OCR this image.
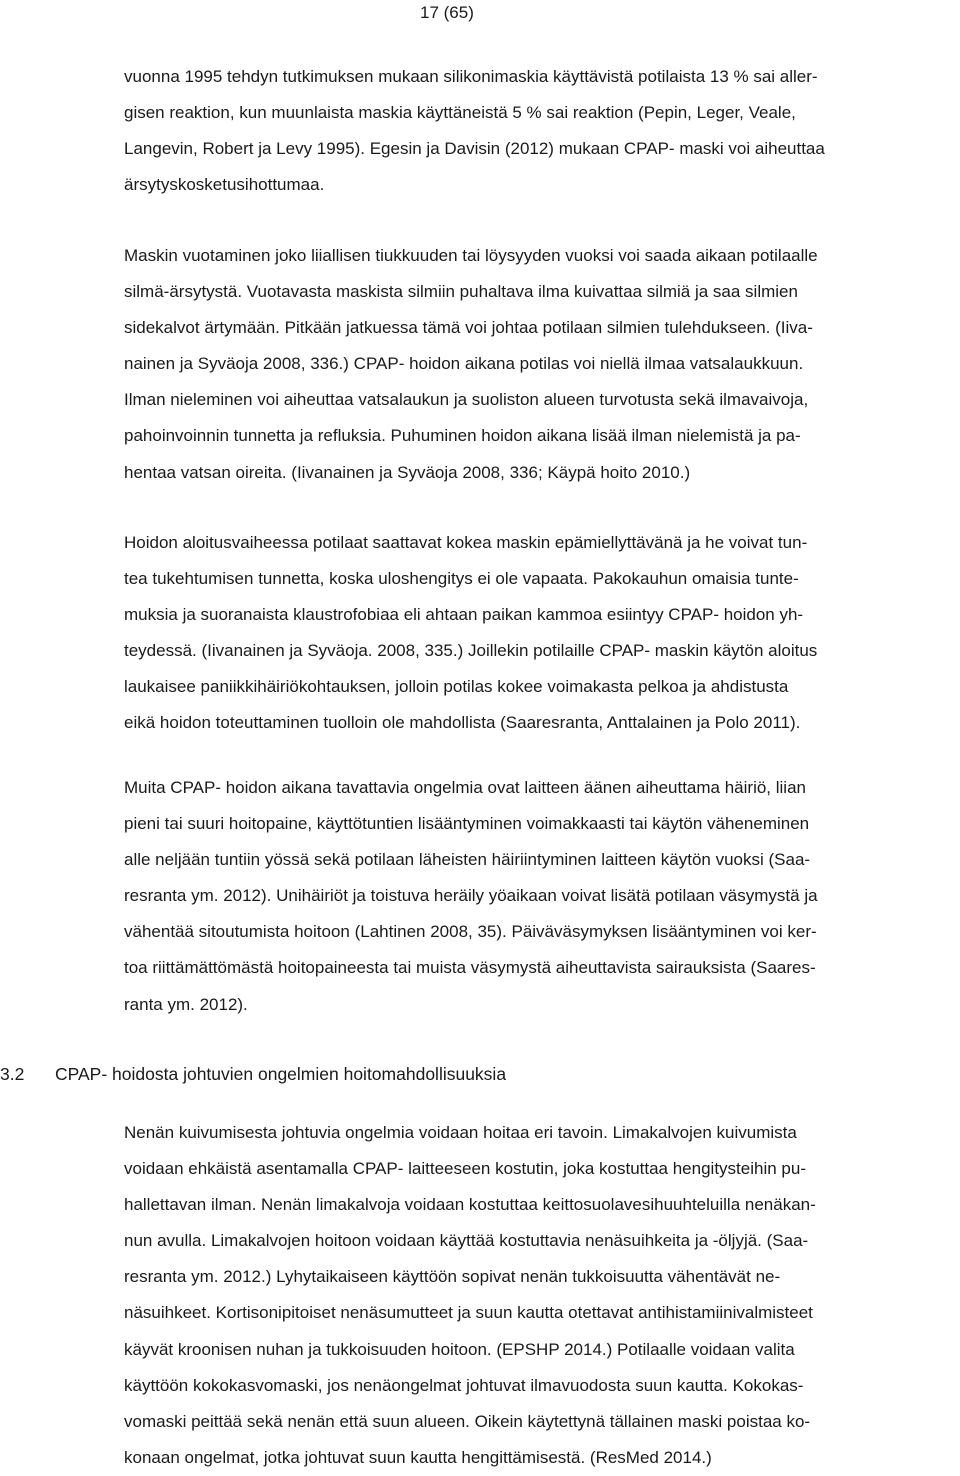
17 (65)
vuonna 1995 tehdyn tutkimuksen mukaan silikonimaskia käyttävistä potilaista 13 % sai aller-
gisen reaktion, kun muunlaista maskia käyttäneistä 5 % sai reaktion (Pepin, Leger, Veale,
Langevin, Robert ja Levy 1995). Egesin ja Davisin (2012) mukaan CPAP- maski voi aiheuttaa
ärsytyskosketusihottumaa.
Maskin vuotaminen joko liiallisen tiukkuuden tai löysyyden vuoksi voi saada aikaan potilaalle
silmä-ärsytystä. Vuotavasta maskista silmiin puhaltava ilma kuivattaa silmiä ja saa silmien
sidekalvot ärtymään. Pitkään jatkuessa tämä voi johtaa potilaan silmien tulehdukseen. (Iiva-
nainen ja Syväoja 2008, 336.) CPAP- hoidon aikana potilas voi niellä ilmaa vatsalaukkuun.
Ilman nieleminen voi aiheuttaa vatsalaukun ja suoliston alueen turvotusta sekä ilmavaivoja,
pahoinvoinnin tunnetta ja refluksia. Puhuminen hoidon aikana lisää ilman nielemistä ja pa-
hentaa vatsan oireita. (Iivanainen ja Syväoja 2008, 336; Käypä hoito 2010.)
Hoidon aloitusvaiheessa potilaat saattavat kokea maskin epämiellyttävänä ja he voivat tun-
tea tukehtumisen tunnetta, koska uloshengitys ei ole vapaata. Pakokauhun omaisia tunte-
muksia ja suoranaista klaustrofobiaa eli ahtaan paikan kammoa esiintyy CPAP- hoidon yh-
teydessä. (Iivanainen ja Syväoja. 2008, 335.) Joillekin potilaille CPAP- maskin käytön aloitus
laukaisee paniikkihäiriökohtauksen, jolloin potilas kokee voimakasta pelkoa ja ahdistusta
eikä hoidon toteuttaminen tuolloin ole mahdollista (Saaresranta, Anttalainen ja Polo 2011).
Muita CPAP- hoidon aikana tavattavia ongelmia ovat laitteen äänen aiheuttama häiriö, liian
pieni tai suuri hoitopaine, käyttötuntien lisääntyminen voimakkaasti tai käytön väheneminen
alle neljään tuntiin yössä sekä potilaan läheisten häiriintyminen laitteen käytön vuoksi (Saa-
resranta ym. 2012). Unihäiriöt ja toistuva heräily yöaikaan voivat lisätä potilaan väsymystä ja
vähentää sitoutumista hoitoon (Lahtinen 2008, 35). Päiväväsymyksen lisääntyminen voi ker-
toa riittämättömästä hoitopaineesta tai muista väsymystä aiheuttavista sairauksista (Saares-
ranta ym. 2012).
3.2 CPAP- hoidosta johtuvien ongelmien hoitomahdollisuuksia
Nenän kuivumisesta johtuvia ongelmia voidaan hoitaa eri tavoin. Limakalvojen kuivumista
voidaan ehkäistä asentamalla CPAP- laitteeseen kostutin, joka kostuttaa hengitysteihin pu-
hallettavan ilman. Nenän limakalvoja voidaan kostuttaa keittosuolavesihuuhteluilla nenäkan-
nun avulla. Limakalvojen hoitoon voidaan käyttää kostuttavia nenäsuihkeita ja -öljyjä. (Saa-
resranta ym. 2012.) Lyhytaikaiseen käyttöön sopivat nenän tukkoisuutta vähentävät ne-
näsuihkeet. Kortisonipitoiset nenäsumutteet ja suun kautta otettavat antihistamiinivalmisteet
käyvät kroonisen nuhan ja tukkoisuuden hoitoon. (EPSHP 2014.) Potilaalle voidaan valita
käyttöön kokokasvomaski, jos nenäongelmat johtuvat ilmavuodosta suun kautta. Kokokas-
vomaski peittää sekä nenän että suun alueen. Oikein käytettynä tällainen maski poistaa ko-
konaan ongelmat, jotka johtuvat suun kautta hengittämisestä. (ResMed 2014.)
